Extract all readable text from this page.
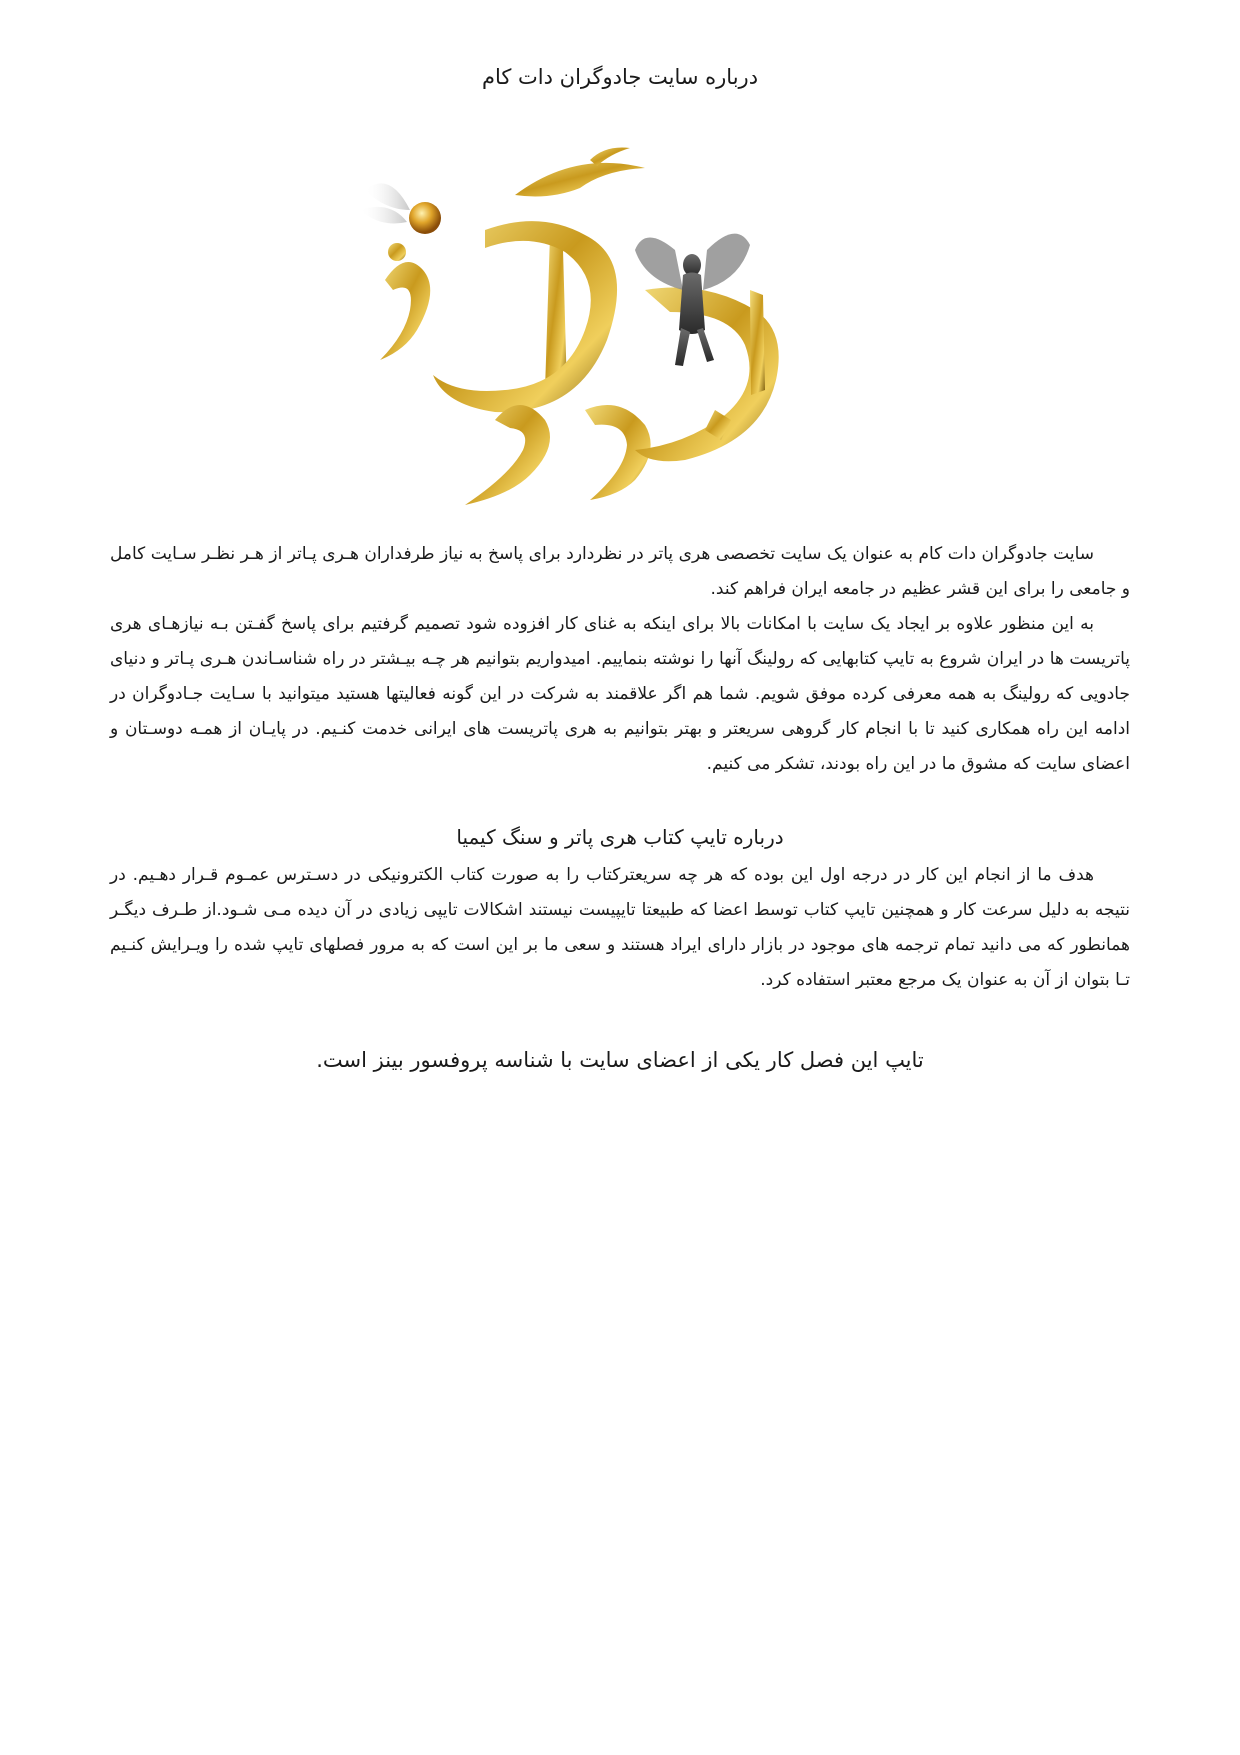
درباره سایت جادوگران دات کام

سایت جادوگران دات کام به عنوان یک سایت تخصصی هری پاتر در نظردارد برای پاسخ به نیاز طرفداران هـری پـاتر از هـر نظـر سـایت کامل و جامعی را برای این قشر عظیم در جامعه ایران فراهم کند.

به این منظور علاوه بر ایجاد یک سایت با امکانات بالا برای اینکه به غنای کار افزوده شود تصمیم گرفتیم برای پاسخ گفـتن بـه نیازهـای هری پاتریست ها در ایران شروع به تایپ کتابهایی که رولینگ آنها را نوشته بنماییم. امیدواریم بتوانیم هر چـه بیـشتر در راه شناسـاندن هـری پـاتر و دنیای جادویی که رولینگ به همه معرفی کرده موفق شویم. شما هم اگر علاقمند به شرکت در این گونه فعالیتها هستید میتوانید با سـایت جـادوگران در ادامه این راه همکاری کنید تا با انجام کار گروهی سریعتر و بهتر بتوانیم به هری پاتریست های ایرانی خدمت کنـیم. در پایـان از همـه دوسـتان و اعضای سایت که مشوق ما در این راه بودند، تشکر می کنیم.

درباره تایپ کتاب هری پاتر و سنگ کیمیا

هدف ما از انجام این کار در درجه اول این بوده که هر چه سریعترکتاب را به صورت کتاب الکترونیکی در دسـترس عمـوم قـرار دهـیم. در نتیجه به دلیل سرعت کار و همچنین تایپ کتاب توسط اعضا که طبیعتا تایپیست نیستند اشکالات تایپی زیادی در آن دیده مـی شـود.از طـرف دیگـر همانطور که می دانید تمام ترجمه های موجود در بازار دارای ایراد هستند و سعی ما بر این است که به مرور فصلهای تایپ شده را ویـرایش کنـیم تـا بتوان از آن به عنوان یک مرجع معتبر استفاده کرد.

تایپ این فصل کار یکی از اعضای سایت با شناسه پروفسور بینز است.
